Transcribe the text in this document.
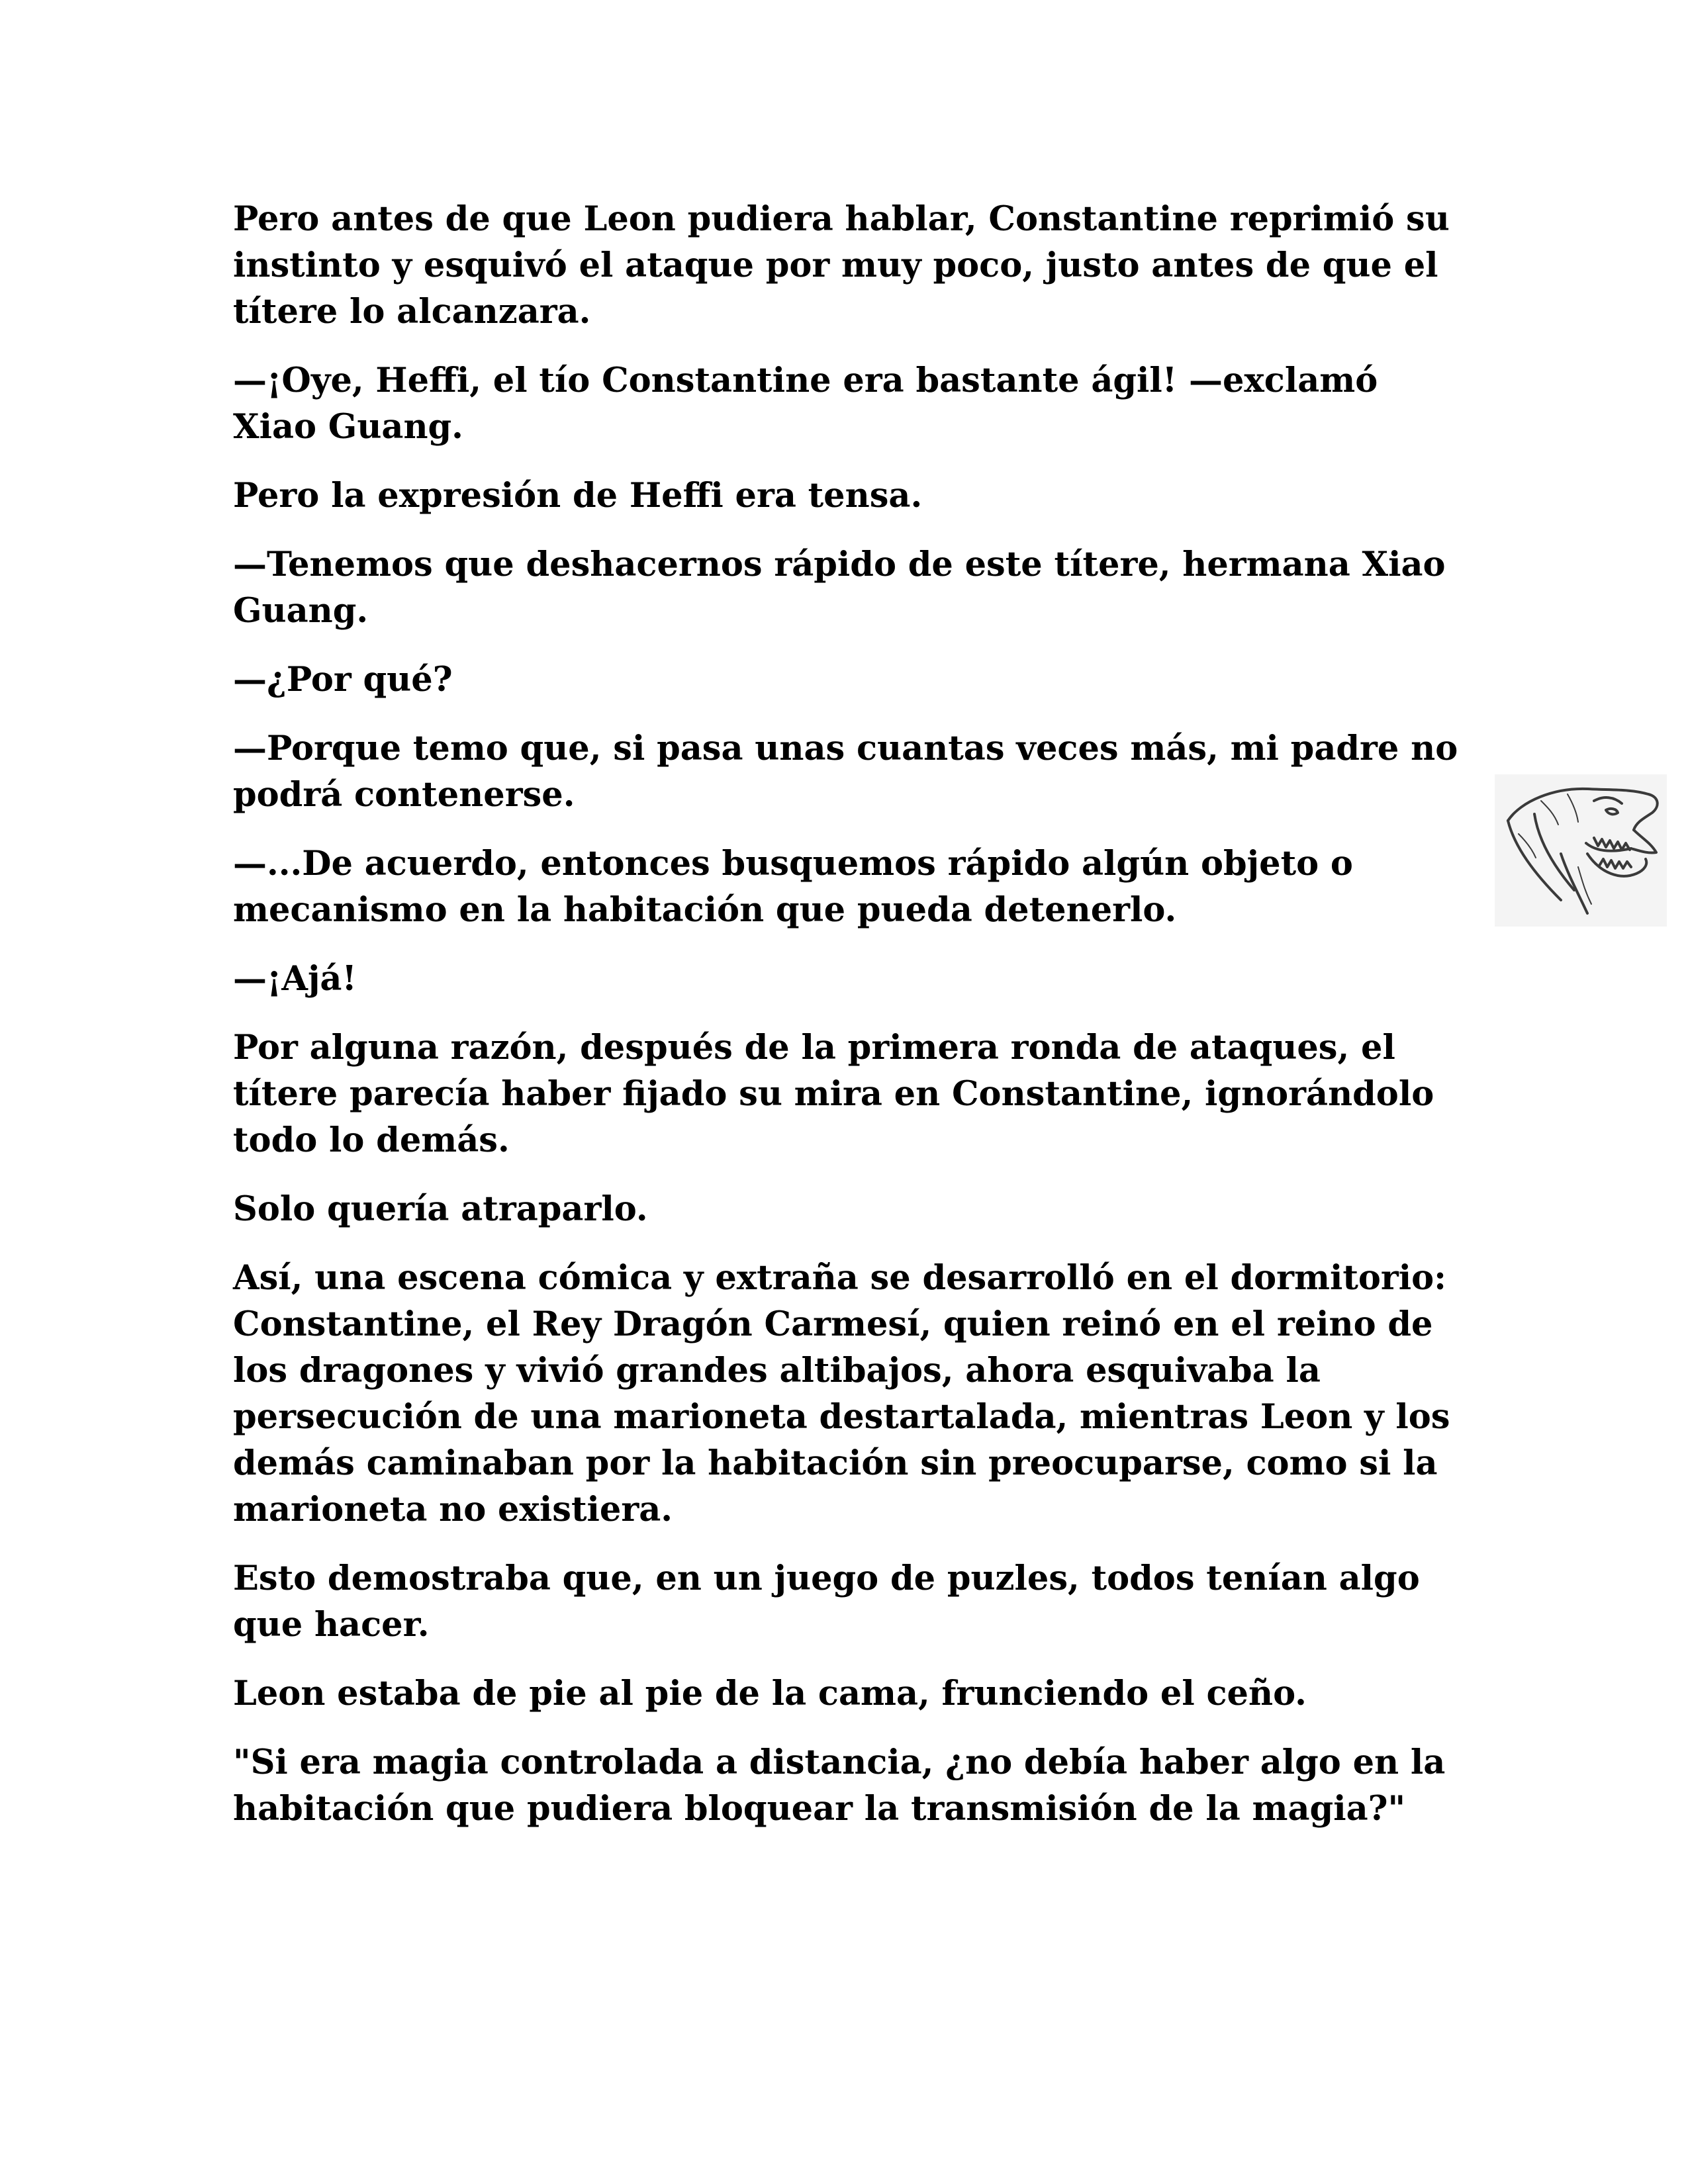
Pero antes de que Leon pudiera hablar, Constantine reprimió su instinto y esquivó el ataque por muy poco, justo antes de que el títere lo alcanzara.

—¡Oye, Heffi, el tío Constantine era bastante ágil! —exclamó Xiao Guang.

Pero la expresión de Heffi era tensa.

—Tenemos que deshacernos rápido de este títere, hermana Xiao Guang.

—¿Por qué?

—Porque temo que, si pasa unas cuantas veces más, mi padre no podrá contenerse.

—...De acuerdo, entonces busquemos rápido algún objeto o mecanismo en la habitación que pueda detenerlo.

—¡Ajá!

Por alguna razón, después de la primera ronda de ataques, el títere parecía haber fijado su mira en Constantine, ignorándolo todo lo demás.

Solo quería atraparlo.

Así, una escena cómica y extraña se desarrolló en el dormitorio: Constantine, el Rey Dragón Carmesí, quien reinó en el reino de los dragones y vivió grandes altibajos, ahora esquivaba la persecución de una marioneta destartalada, mientras Leon y los demás caminaban por la habitación sin preocuparse, como si la marioneta no existiera.

Esto demostraba que, en un juego de puzles, todos tenían algo que hacer.

Leon estaba de pie al pie de la cama, frunciendo el ceño.

"Si era magia controlada a distancia, ¿no debía haber algo en la habitación que pudiera bloquear la transmisión de la magia?"
